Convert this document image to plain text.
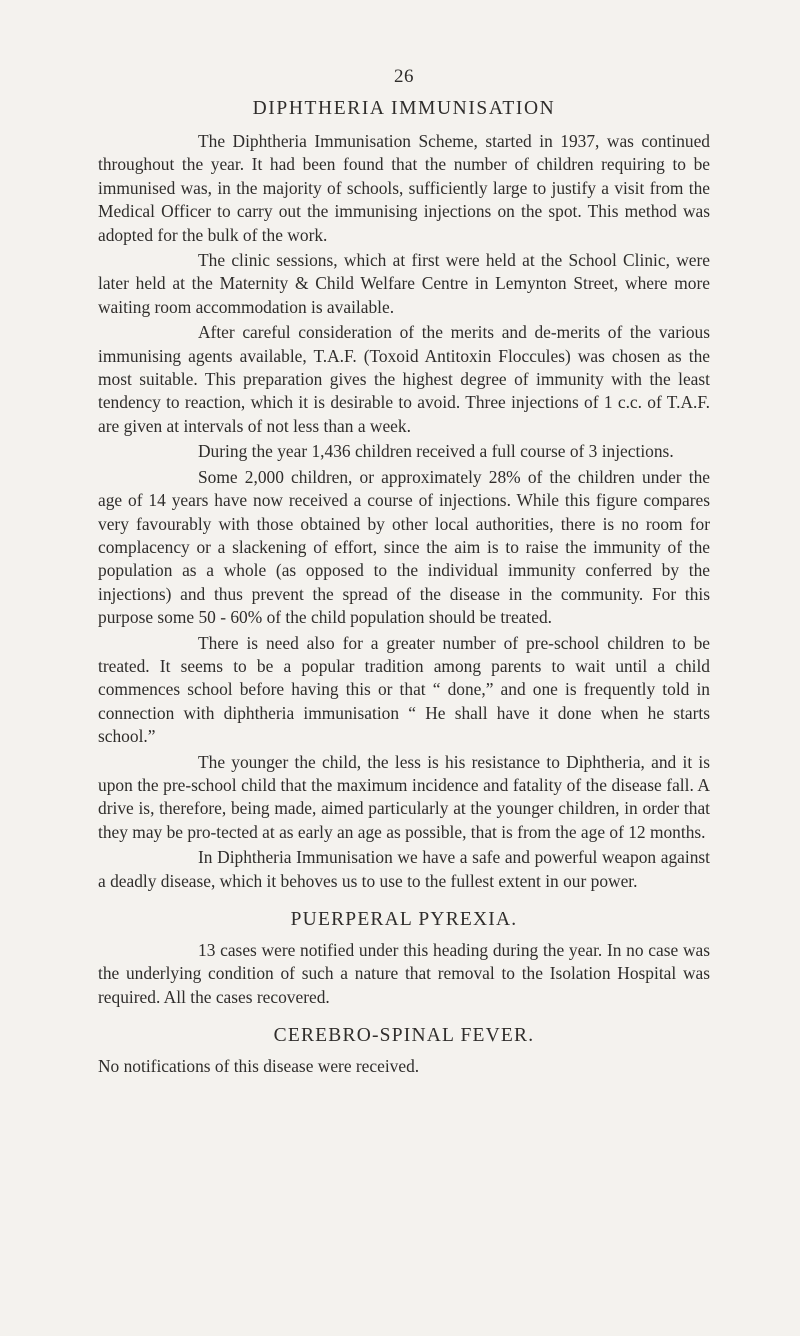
26
DIPHTHERIA IMMUNISATION

The Diphtheria Immunisation Scheme, started in 1937, was continued throughout the year. It had been found that the number of children requiring to be immunised was, in the majority of schools, sufficiently large to justify a visit from the Medical Officer to carry out the immunising injections on the spot. This method was adopted for the bulk of the work.

The clinic sessions, which at first were held at the School Clinic, were later held at the Maternity & Child Welfare Centre in Lemynton Street, where more waiting room accommodation is available.

After careful consideration of the merits and de-merits of the various immunising agents available, T.A.F. (Toxoid Antitoxin Floccules) was chosen as the most suitable. This preparation gives the highest degree of immunity with the least tendency to reaction, which it is desirable to avoid. Three injections of 1 c.c. of T.A.F. are given at intervals of not less than a week.

During the year 1,436 children received a full course of 3 injections.

Some 2,000 children, or approximately 28% of the children under the age of 14 years have now received a course of injections. While this figure compares very favourably with those obtained by other local authorities, there is no room for complacency or a slackening of effort, since the aim is to raise the immunity of the population as a whole (as opposed to the individual immunity conferred by the injections) and thus prevent the spread of the disease in the community. For this purpose some 50 - 60% of the child population should be treated.

There is need also for a greater number of pre-school children to be treated. It seems to be a popular tradition among parents to wait until a child commences school before having this or that “ done,” and one is frequently told in connection with diphtheria immunisation “ He shall have it done when he starts school.”

The younger the child, the less is his resistance to Diphtheria, and it is upon the pre-school child that the maximum incidence and fatality of the disease fall. A drive is, therefore, being made, aimed particularly at the younger children, in order that they may be pro-tected at as early an age as possible, that is from the age of 12 months.

In Diphtheria Immunisation we have a safe and powerful weapon against a deadly disease, which it behoves us to use to the fullest extent in our power.

PUERPERAL PYREXIA.

13 cases were notified under this heading during the year. In no case was the underlying condition of such a nature that removal to the Isolation Hospital was required. All the cases recovered.

CEREBRO-SPINAL FEVER.

No notifications of this disease were received.
